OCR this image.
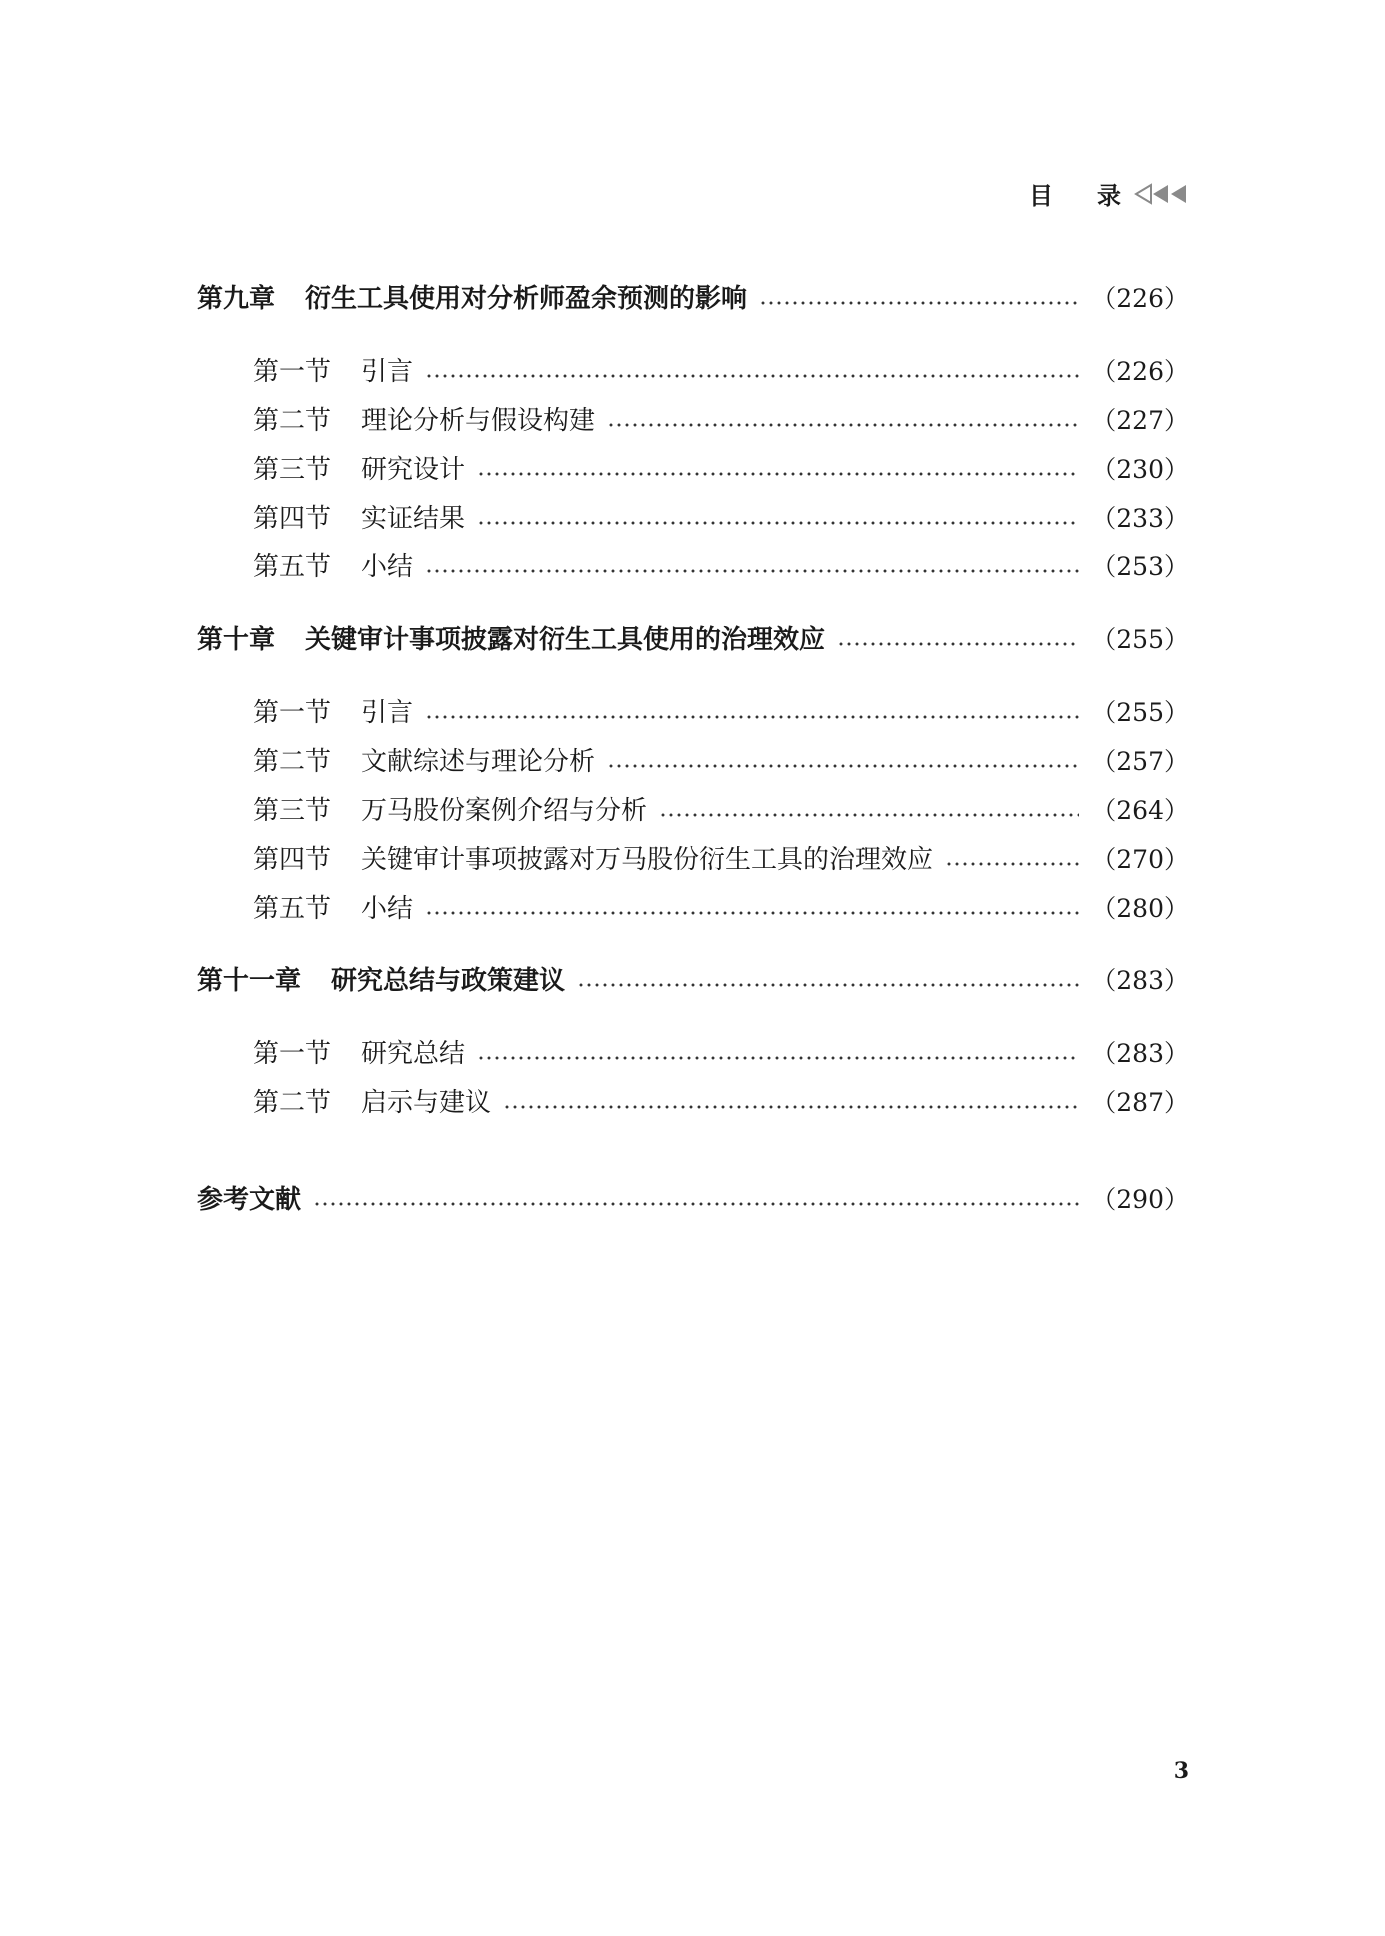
目 录
第九章 衍生工具使用对分析师盈余预测的影响	（226）
第一节 引言	（226）
第二节 理论分析与假设构建	（227）
第三节 研究设计	（230）
第四节 实证结果	（233）
第五节 小结	（253）
第十章 关键审计事项披露对衍生工具使用的治理效应	（255）
第一节 引言	（255）
第二节 文献综述与理论分析	（257）
第三节 万马股份案例介绍与分析	（264）
第四节 关键审计事项披露对万马股份衍生工具的治理效应	（270）
第五节 小结	（280）
第十一章 研究总结与政策建议	（283）
第一节 研究总结	（283）
第二节 启示与建议	（287）
参考文献	（290）
3
